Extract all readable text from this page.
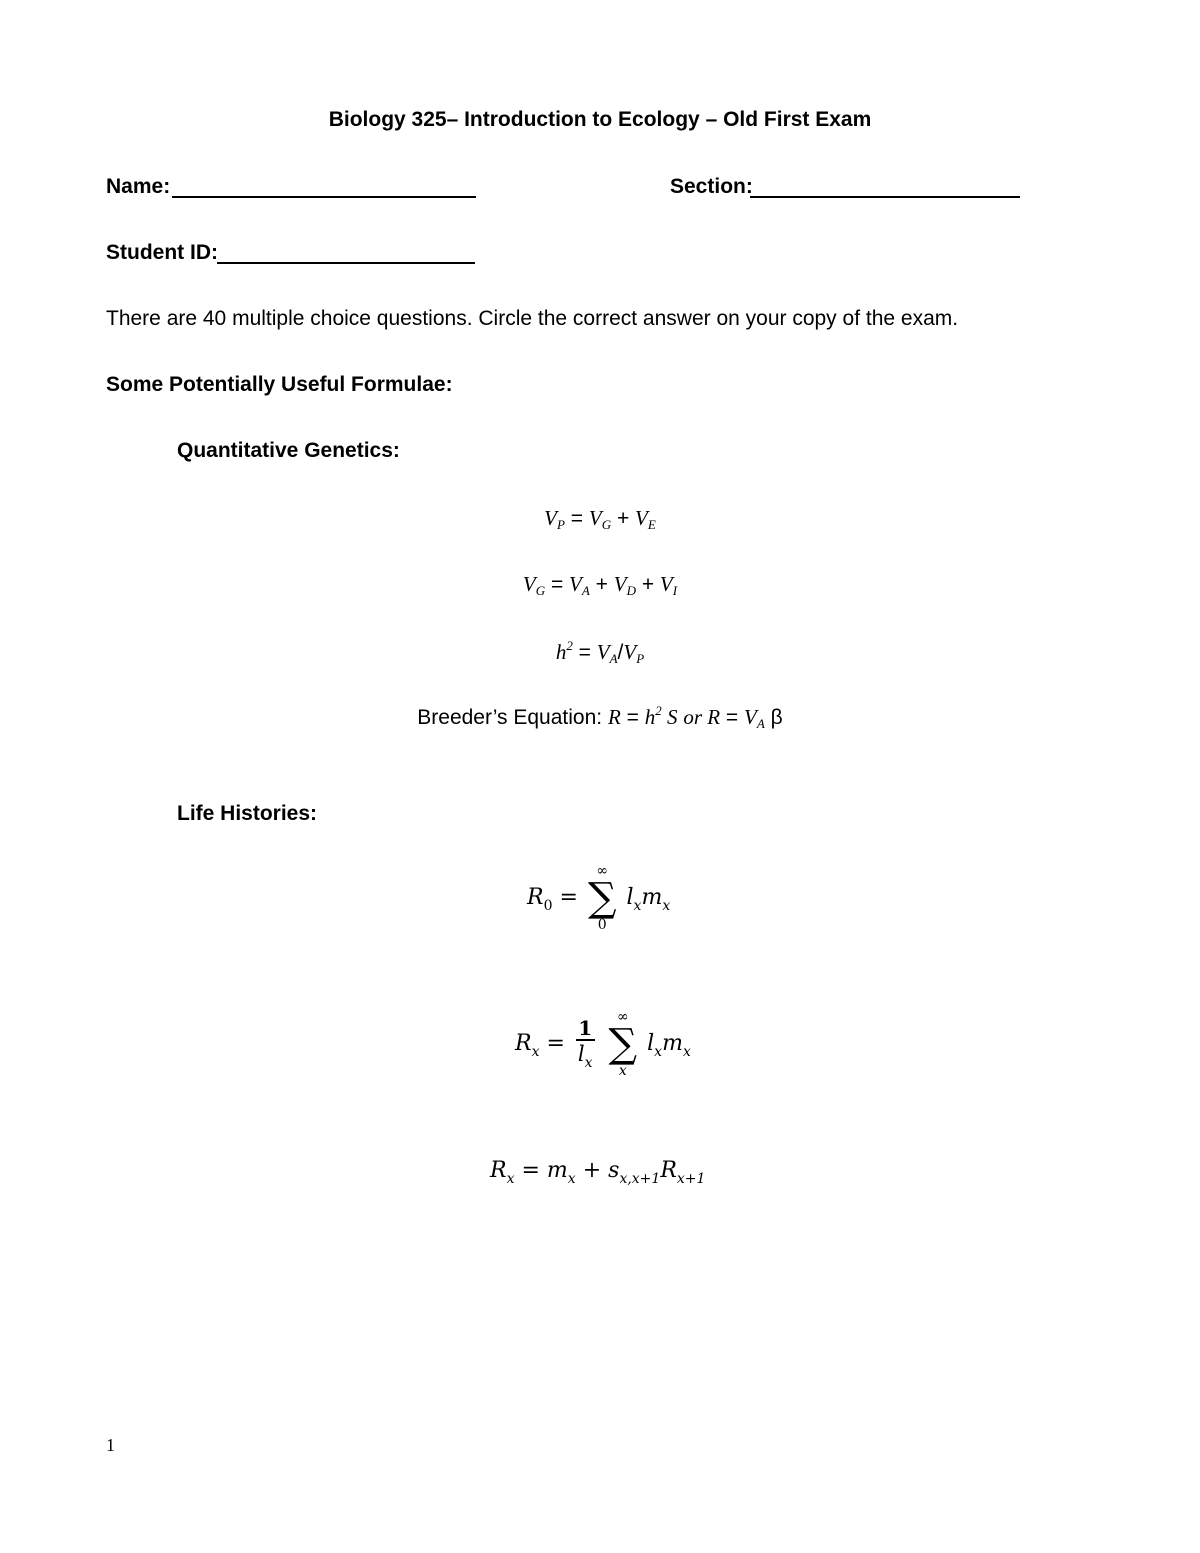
Biology 325– Introduction to Ecology – Old First Exam
Name:	Section:
Student ID:
There are 40 multiple choice questions. Circle the correct answer on your copy of the exam.
Some Potentially Useful Formulae:
Quantitative Genetics:
$V_P = V_G + V_E$
$V_G = V_A + V_D + V_I$
$h^2 = V_A/V_P$
Breeder’s Equation: $R = h^2$ S or $R = V_A$ β
Life Histories:
$R_0$ =
∞
∑
0
$l_xm_x$
$R_x = \frac{1}{l_x}$
∞
∑
x
$l_xm_x$
$R_x = m_x + s_{x,x+1}R_{x+1}$
1
